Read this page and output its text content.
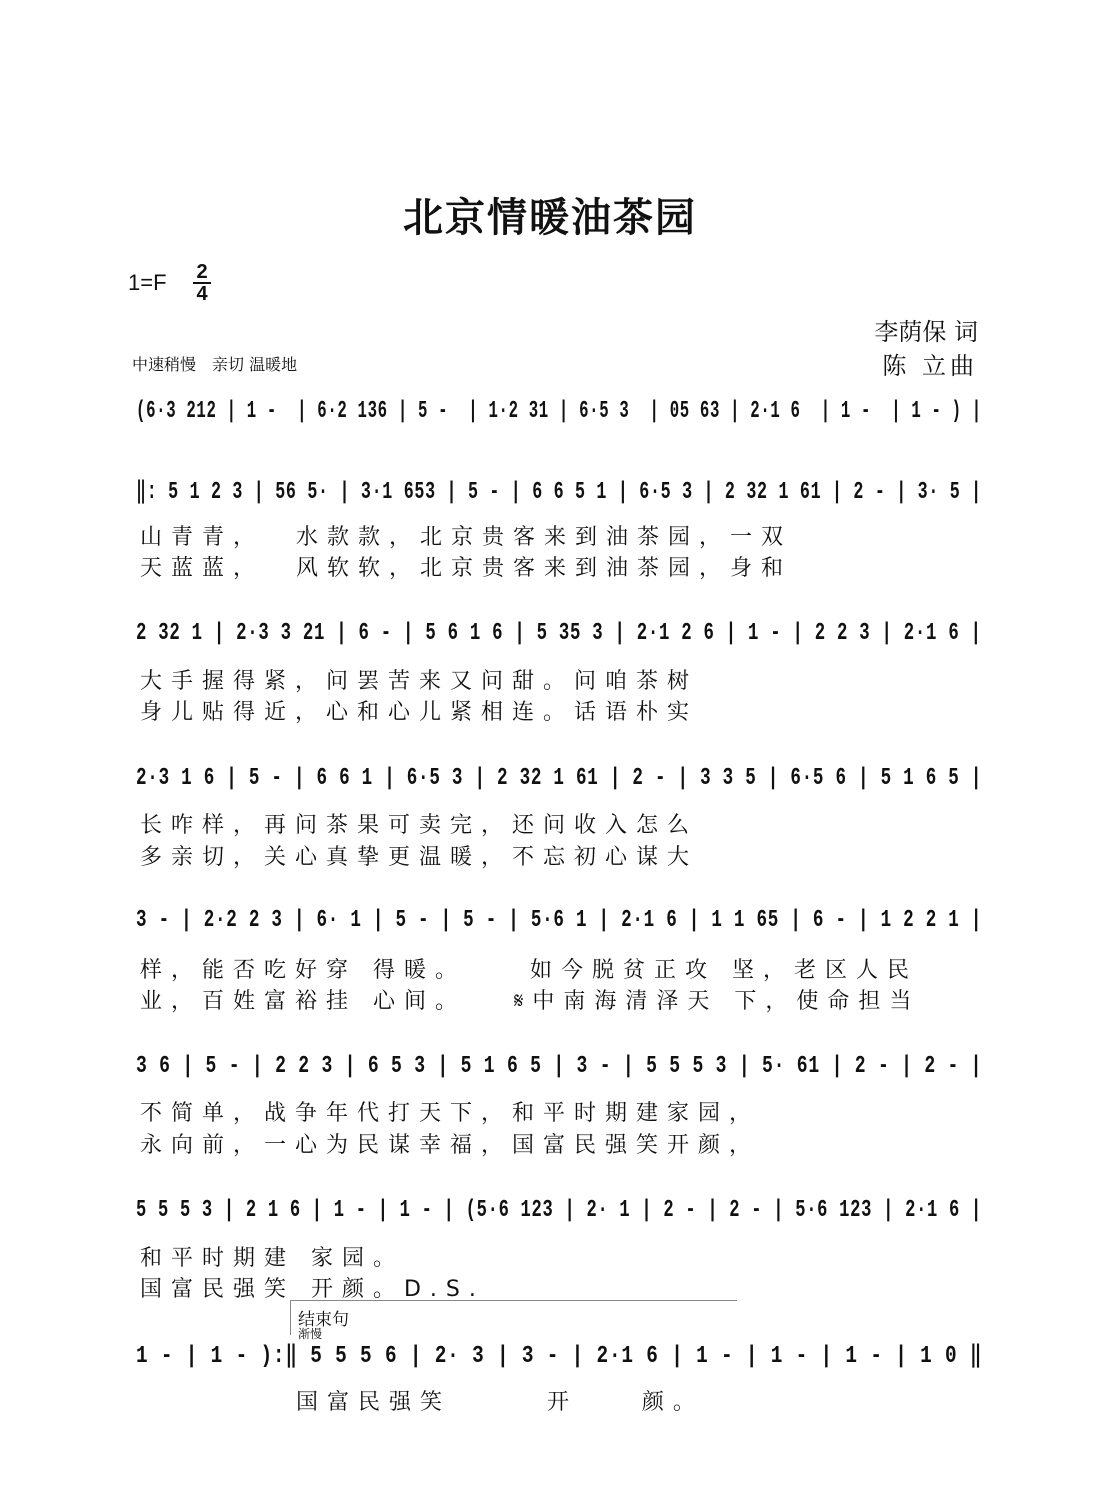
北京情暖油茶园
1=F	2
4
李荫保 词
陈 立曲
中速稍慢　亲切 温暖地
(6·3 212 | 1 -  | 6·2 136 | 5 -  | 1·2 31 | 6·5 3  | 05 63 | 2·1 6  | 1 -  | 1 - ) |
‖: 5 1 2 3 | 56 5· | 3·1 653 | 5 - | 6 6 5 1 | 6·5 3 | 2 32 1 61 | 2 - | 3· 5 |
山青青，  水款款，北京贵客来到油茶园，一双
天蓝蓝，  风软软，北京贵客来到油茶园，身和
2 32 1 | 2·3 3 21 | 6 - | 5 6 1 6 | 5 35 3 | 2·1 2 6 | 1 - | 2 2 3 | 2·1 6 |
大手握得紧，问罢苦来又问甜。问咱茶树
身儿贴得近，心和心儿紧相连。话语朴实
2·3 1 6 | 5 - | 6 6 1 | 6·5 3 | 2 32 1 61 | 2 - | 3 3 5 | 6·5 6 | 5 1 6 5 |
长咋样，再问茶果可卖完，还问收入怎么
多亲切，关心真挚更温暖，不忘初心谋大
3 - | 2·2 2 3 | 6· 1 | 5 - | 5 - | 5·6 1 | 2·1 6 | 1 1 65 | 6 - | 1 2 2 1 |
样，能否吃好穿 得暖。    如今脱贫正攻 坚，老区人民
业，百姓富裕挂 心间。   𝄋中南海清泽天 下，使命担当
3 6 | 5 - | 2 2 3 | 6 5 3 | 5 1 6 5 | 3 - | 5 5 5 3 | 5· 61 | 2 - | 2 - |
不简单，战争年代打天下，和平时期建家园，
永向前，一心为民谋幸福，国富民强笑开颜，
5 5 5 3 | 2 1 6 | 1 - | 1 - | (5·6 123 | 2· 1 | 2 - | 2 - | 5·6 123 | 2·1 6 |
和平时期建 家园。
国富民强笑 开颜。D.S.
结束句
渐慢
1 - | 1 - ):‖ 5 5 5 6 | 2· 3 | 3 - | 2·1 6 | 1 - | 1 - | 1 - | 1 0 ‖
国富民强笑      开    颜。
